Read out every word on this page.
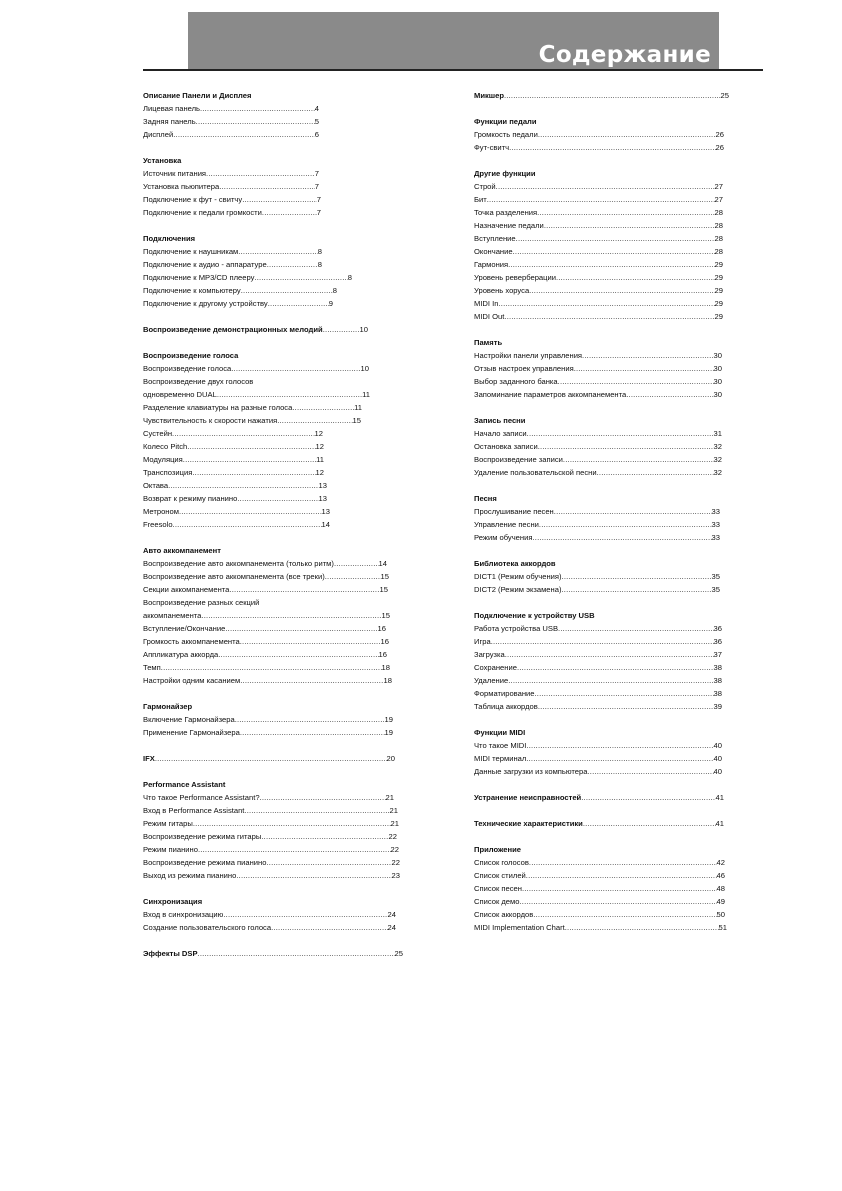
Содержание
Описание Панели и Дисплея
Лицевая панель .....	4
Задняя панель .....	5
Дисплей .....	6
Установка
Источник питания .....	7
Установка пьюпитера .....	7
Подключение к фут - свитчу .....	7
Подключение к педали громкости .....	7
Подключения
Подключение к наушникам .....	8
Подключение к аудио - аппаратуре .....	8
Подключение к MP3/CD плееру .....	8
Подключение к компьютеру .....	8
Подключение к другому устройству .....	9
Воспроизведение демонстрационных мелодий .....	10
Воспроизведение голоса
Воспроизведение голоса .....	10
Воспроизведение двух голосов
одновременно DUAL .....	11
Разделение клавиатуры на разные голоса .....	11
Чувствительность к скорости нажатия .....	15
Сустейн .....	12
Колесо Pitch .....	12
Модуляция .....	11
Транспозиция .....	12
Октава .....	13
Возврат к режиму пианино .....	13
Метроном .....	13
Freesolo .....	14
Авто аккомпанемент
Воспроизведение авто аккомпанемента (только ритм) .....	14
Воспроизведение авто аккомпанемента (все треки) .....	15
Секции аккомпанемента .....	15
Воспроизведение разных секций
аккомпанемента .....	15
Вступление/Окончание .....	16
Громкость аккомпанемента .....	16
Аппликатура аккорда .....	16
Темп .....	18
Настройки одним касанием .....	18
Гармонайзер
Включение Гармонайзера .....	19
Применение Гармонайзера .....	19
IFX .....	20
Performance Assistant
Что такое Performance Assistant? .....	21
Вход в Performance Assistant .....	21
Режим гитары .....	21
Воспроизведение режима гитары .....	22
Режим пианино .....	22
Воспроизведение режима пианино .....	22
Выход из режима пианино .....	23
Синхронизация
Вход в синхронизацию .....	24
Создание пользовательского голоса .....	24
Эффекты DSP .....	25
Микшер .....	25
Функции педали
Громкость педали .....	26
Фут-свитч .....	26
Другие функции
Строй .....	27
Бит .....	27
Точка разделения .....	28
Назначение педали .....	28
Вступление .....	28
Окончание .....	28
Гармония .....	29
Уровень реверберации .....	29
Уровень хоруса .....	29
MIDI In .....	29
MIDI Out .....	29
Память
Настройки панели управления .....	30
Отзыв настроек управления .....	30
Выбор заданного банка .....	30
Запоминание параметров аккомпанемента .....	30
Запись песни
Начало записи .....	31
Остановка записи .....	32
Воспроизведение записи .....	32
Удаление пользовательской песни .....	32
Песня
Прослушивание песен .....	33
Управление песни .....	33
Режим обучения .....	33
Библиотека аккордов
DICT1 (Режим обучения) .....	35
DICT2 (Режим экзамена) .....	35
Подключение к устройству USB
Работа устройства USB .....	36
Игра .....	36
Загрузка .....	37
Сохранение .....	38
Удаление .....	38
Форматирование .....	38
Таблица аккордов .....	39
Функции MIDI
Что такое MIDI .....	40
MIDI терминал .....	40
Данные загрузки из компьютера .....	40
Устранение неисправностей .....	41
Технические характеристики .....	41
Приложение
Список голосов .....	42
Список стилей .....	46
Список песен .....	48
Список демо .....	49
Список аккордов .....	50
MIDI Implementation Chart .....	51
